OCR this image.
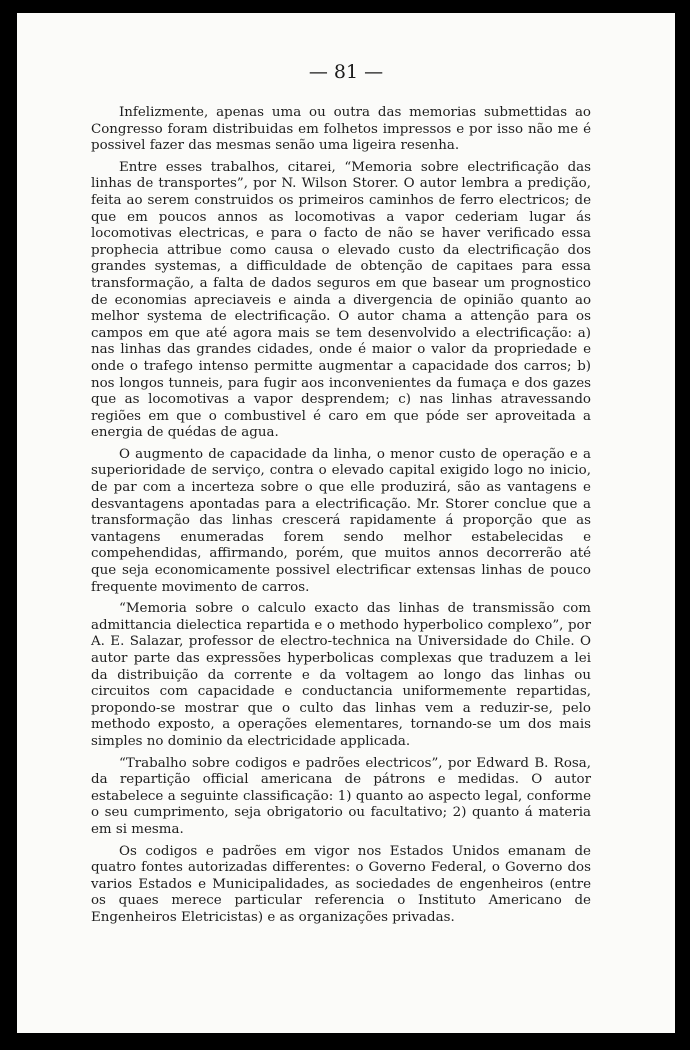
— 81 —

Infelizmente, apenas uma ou outra das memorias submettidas ao Congresso foram distribuidas em folhetos impressos e por isso não me é possivel fazer das mesmas senão uma ligeira resenha.

Entre esses trabalhos, citarei, “Memoria sobre electrificação das linhas de transportes”, por N. Wilson Storer. O autor lembra a predição, feita ao serem construidos os primeiros caminhos de ferro electricos; de que em poucos annos as locomotivas a vapor cederiam lugar ás locomotivas electricas, e para o facto de não se haver verificado essa prophecia attribue como causa o elevado custo da electrificação dos grandes systemas, a difficuldade de obtenção de capitaes para essa transformação, a falta de dados seguros em que basear um prognostico de economias apreciaveis e ainda a divergencia de opinião quanto ao melhor systema de electrificação. O autor chama a attenção para os campos em que até agora mais se tem desenvolvido a electrificação: a) nas linhas das grandes cidades, onde é maior o valor da propriedade e onde o trafego intenso permitte augmentar a capacidade dos carros; b) nos longos tunneis, para fugir aos inconvenientes da fumaça e dos gazes que as locomotivas a vapor desprendem; c) nas linhas atravessando regiões em que o combustivel é caro em que póde ser aproveitada a energia de quédas de agua.

O augmento de capacidade da linha, o menor custo de operação e a superioridade de serviço, contra o elevado capital exigido logo no inicio, de par com a incerteza sobre o que elle produzirá, são as vantagens e desvantagens apontadas para a electrificação. Mr. Storer conclue que a transformação das linhas crescerá rapidamente á proporção que as vantagens enumeradas forem sendo melhor estabelecidas e compehendidas, affirmando, porém, que muitos annos decorrerão até que seja economicamente possivel electrificar extensas linhas de pouco frequente movimento de carros.

“Memoria sobre o calculo exacto das linhas de transmissão com admittancia dielectica repartida e o methodo hyperbolico complexo”, por A. E. Salazar, professor de electro-technica na Universidade do Chile. O autor parte das expressões hyperbolicas complexas que traduzem a lei da distribuição da corrente e da voltagem ao longo das linhas ou circuitos com capacidade e conductancia uniformemente repartidas, propondo-se mostrar que o culto das linhas vem a reduzir-se, pelo methodo exposto, a operações elementares, tornando-se um dos mais simples no dominio da electricidade applicada.

“Trabalho sobre codigos e padrões electricos”, por Edward B. Rosa, da repartição official americana de pátrons e medidas. O autor estabelece a seguinte classificação: 1) quanto ao aspecto legal, conforme o seu cumprimento, seja obrigatorio ou facultativo; 2) quanto á materia em si mesma.

Os codigos e padrões em vigor nos Estados Unidos emanam de quatro fontes autorizadas differentes: o Governo Federal, o Governo dos varios Estados e Municipalidades, as sociedades de engenheiros (entre os quaes merece particular referencia o Instituto Americano de Engenheiros Eletricistas) e as organizações privadas.
